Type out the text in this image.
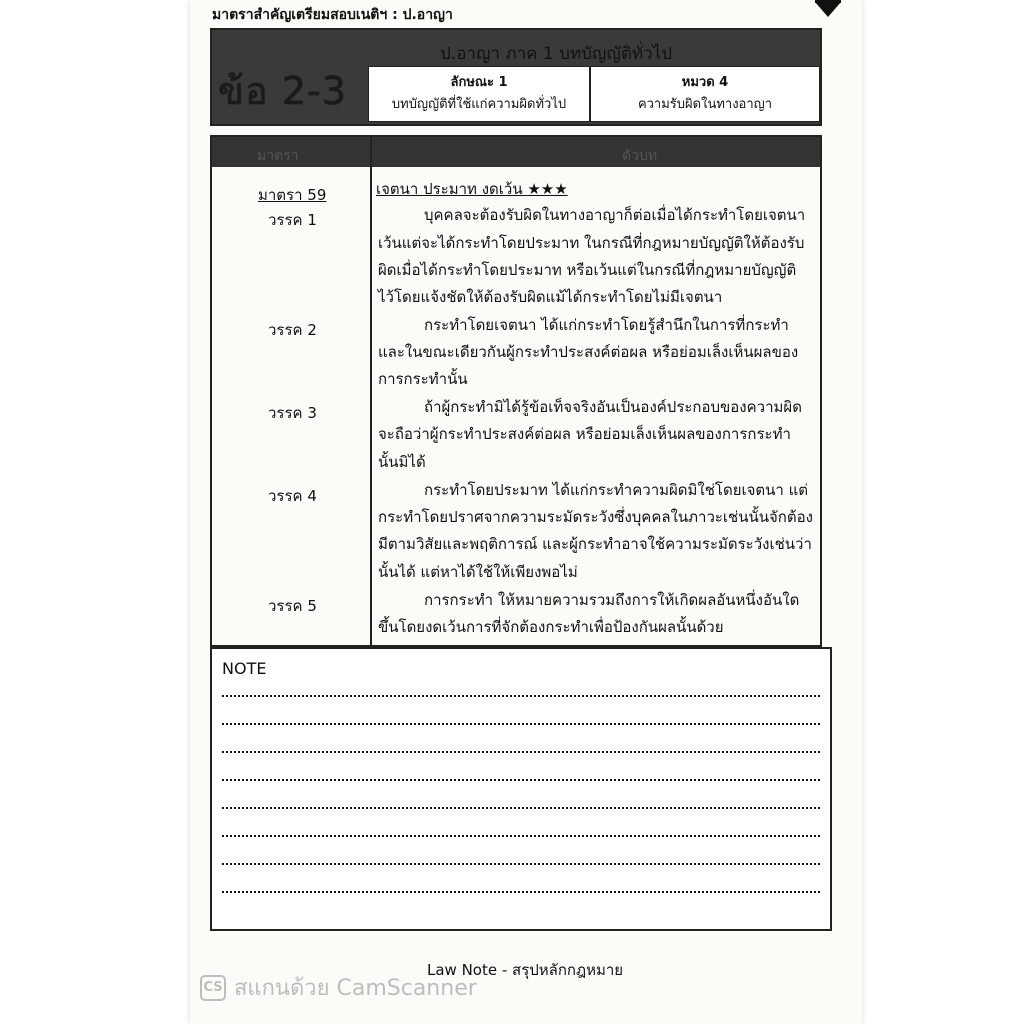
มาตราสำคัญเตรียมสอบเนติฯ : ป.อาญา
ข้อ 2-3
ป.อาญา ภาค 1 บทบัญญัติทั่วไป
ลักษณะ 1
บทบัญญัติที่ใช้แก่ความผิดทั่วไป
หมวด 4
ความรับผิดในทางอาญา
มาตรา	ตัวบท
มาตรา 59	เจตนา ประมาท งดเว้น ★★★
วรรค 1
วรรค 2
วรรค 3
วรรค 4
วรรค 5
บุคคลจะต้องรับผิดในทางอาญาก็ต่อเมื่อได้กระทำโดยเจตนา
เว้นแต่จะได้กระทำโดยประมาท ในกรณีที่กฎหมายบัญญัติให้ต้องรับ
ผิดเมื่อได้กระทำโดยประมาท หรือเว้นแต่ในกรณีที่กฎหมายบัญญัติ
ไว้โดยแจ้งชัดให้ต้องรับผิดแม้ได้กระทำโดยไม่มีเจตนา
กระทำโดยเจตนา ได้แก่กระทำโดยรู้สำนึกในการที่กระทำ
และในขณะเดียวกันผู้กระทำประสงค์ต่อผล หรือย่อมเล็งเห็นผลของ
การกระทำนั้น
ถ้าผู้กระทำมิได้รู้ข้อเท็จจริงอันเป็นองค์ประกอบของความผิด
จะถือว่าผู้กระทำประสงค์ต่อผล หรือย่อมเล็งเห็นผลของการกระทำ
นั้นมิได้
กระทำโดยประมาท ได้แก่กระทำความผิดมิใช่โดยเจตนา แต่
กระทำโดยปราศจากความระมัดระวังซึ่งบุคคลในภาวะเช่นนั้นจักต้อง
มีตามวิสัยและพฤติการณ์ และผู้กระทำอาจใช้ความระมัดระวังเช่นว่า
นั้นได้ แต่หาได้ใช้ให้เพียงพอไม่
การกระทำ ให้หมายความรวมถึงการให้เกิดผลอันหนึ่งอันใด
ขึ้นโดยงดเว้นการที่จักต้องกระทำเพื่อป้องกันผลนั้นด้วย
NOTE
Law Note - สรุปหลักกฎหมาย
CS สแกนด้วย CamScanner
